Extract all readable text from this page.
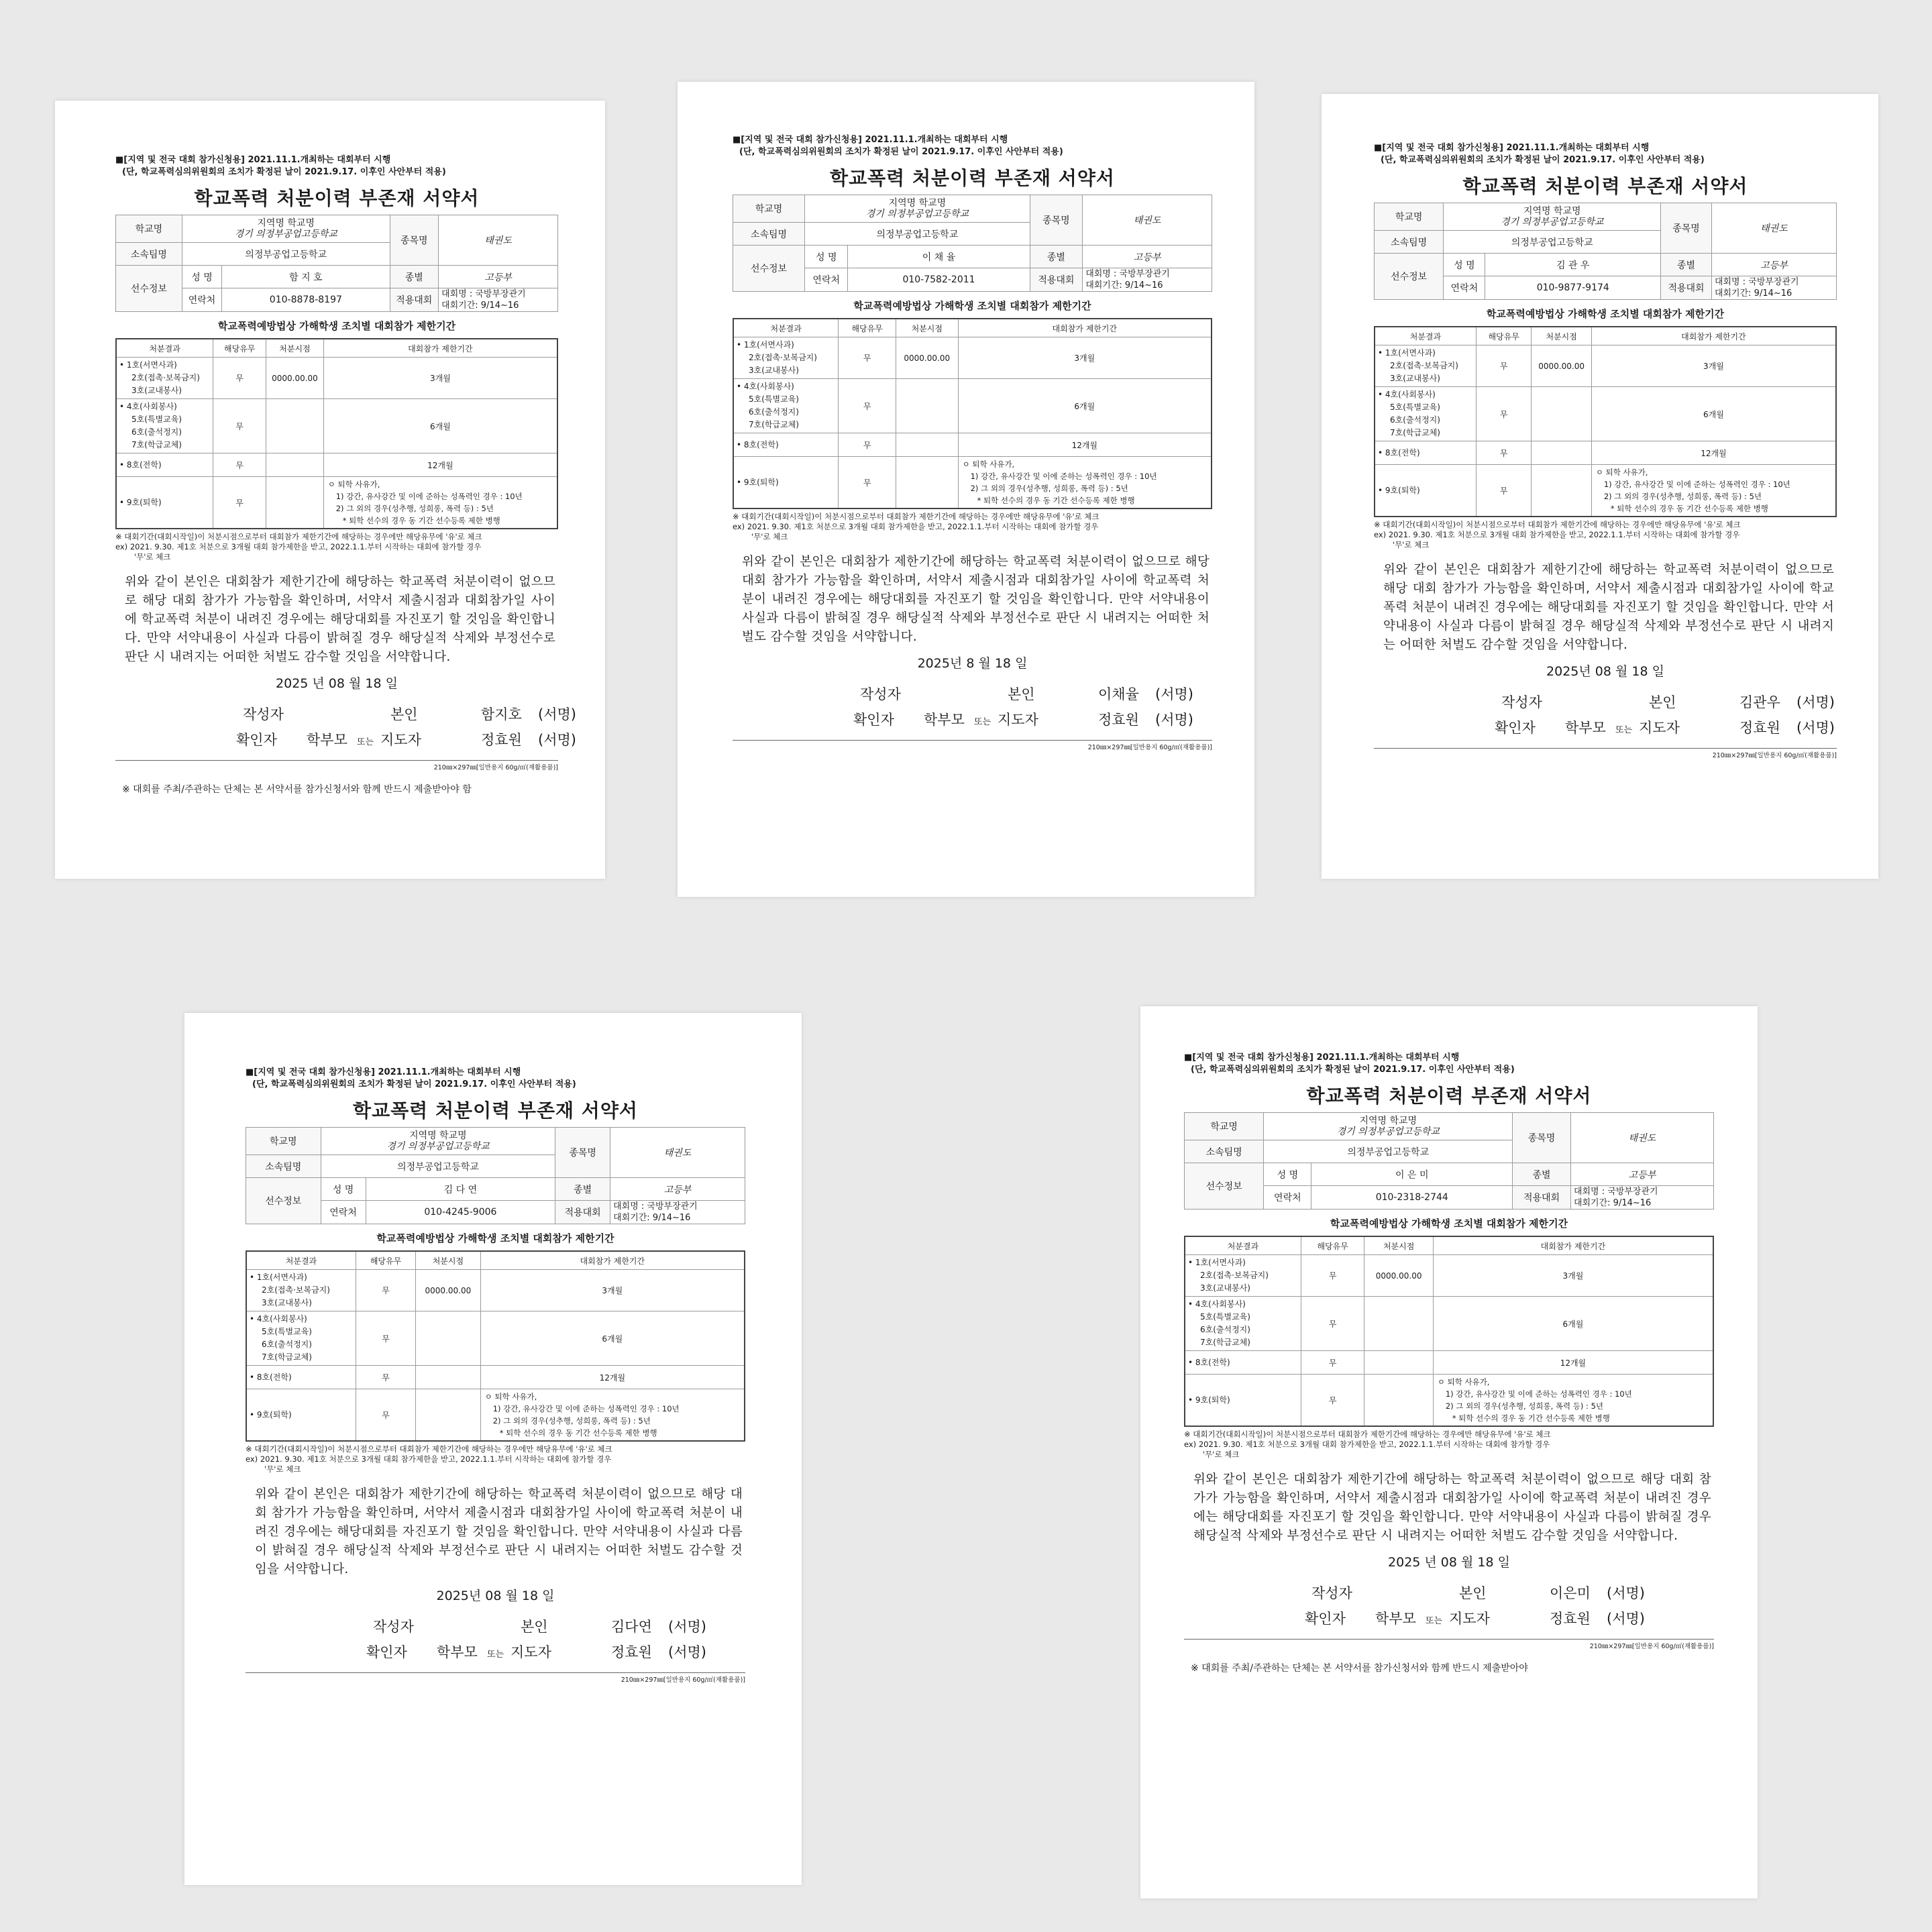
■[지역 및 전국 대회 참가신청용] 2021.11.1.개최하는 대회부터 시행
(단, 학교폭력심의위원회의 조치가 확정된 날이 2021.9.17. 이후인 사안부터 적용)
학교폭력 처분이력 부존재 서약서
학교명	지역명 학교명
경기 의정부공업고등학교		종목명	태권도
소속팀명	의정부공업고등학교			
선수정보	성 명	함 지 호	종별	고등부
	연락처	010-8878-8197	적용대회	대회명 : 국방부장관기
대회기간: 9/14~16
학교폭력예방법상 가해학생 조치별 대회참가 제한기간
처분결과	해당유무	처분시점	대회참가 제한기간
• 1호(서면사과)
2호(접촉·보복금지)
3호(교내봉사)	무	0000.00.00	3개월
• 4호(사회봉사)
5호(특별교육)
6호(출석정지)
7호(학급교체)	무		6개월
• 8호(전학)	무		12개월
• 9호(퇴학)	무		ㅇ 퇴학 사유가,
1) 강간, 유사강간 및 이에 준하는 성폭력인 경우 : 10년
2) 그 외의 경우(성추행, 성희롱, 폭력 등) : 5년
* 퇴학 선수의 경우 동 기간 선수등록 제한 병행
※ 대회기간(대회시작일)이 처분시점으로부터 대회참가 제한기간에 해당하는 경우에만 해당유무에 '유'로 체크
ex) 2021. 9.30. 제1호 처분으로 3개월 대회 참가제한을 받고, 2022.1.1.부터 시작하는 대회에 참가할 경우
'무'로 체크
위와 같이 본인은 대회참가 제한기간에 해당하는 학교폭력 처분이력이 없으므로 해당 대회 참가가 가능함을 확인하며, 서약서 제출시점과 대회참가일 사이에 학교폭력 처분이 내려진 경우에는 해당대회를 자진포기 할 것임을 확인합니다. 만약 서약내용이 사실과 다름이 밝혀질 경우 해당실적 삭제와 부정선수로 판단 시 내려지는 어떠한 처벌도 감수할 것임을 서약합니다.
2025 년 08 월 18 일
작성자	본인	함지호 (서명)
확인자 학부모 또는 지도자	정효원 (서명)
210㎜×297㎜[일반용지 60g/㎡(재활용품)]
※ 대회를 주최/주관하는 단체는 본 서약서를 참가신청서와 함께 반드시 제출받아야 함
■[지역 및 전국 대회 참가신청용] 2021.11.1.개최하는 대회부터 시행
(단, 학교폭력심의위원회의 조치가 확정된 날이 2021.9.17. 이후인 사안부터 적용)
학교폭력 처분이력 부존재 서약서
학교명	지역명 학교명
경기 의정부공업고등학교		종목명	태권도
소속팀명	의정부공업고등학교			
선수정보	성 명	이 채 율	종별	고등부
	연락처	010-7582-2011	적용대회	대회명 : 국방부장관기
대회기간: 9/14~16
학교폭력예방법상 가해학생 조치별 대회참가 제한기간
처분결과	해당유무	처분시점	대회참가 제한기간
• 1호(서면사과)
2호(접촉·보복금지)
3호(교내봉사)	무	0000.00.00	3개월
• 4호(사회봉사)
5호(특별교육)
6호(출석정지)
7호(학급교체)	무		6개월
• 8호(전학)	무		12개월
• 9호(퇴학)	무		ㅇ 퇴학 사유가,
1) 강간, 유사강간 및 이에 준하는 성폭력인 경우 : 10년
2) 그 외의 경우(성추행, 성희롱, 폭력 등) : 5년
* 퇴학 선수의 경우 동 기간 선수등록 제한 병행
※ 대회기간(대회시작일)이 처분시점으로부터 대회참가 제한기간에 해당하는 경우에만 해당유무에 '유'로 체크
ex) 2021. 9.30. 제1호 처분으로 3개월 대회 참가제한을 받고, 2022.1.1.부터 시작하는 대회에 참가할 경우
'무'로 체크
위와 같이 본인은 대회참가 제한기간에 해당하는 학교폭력 처분이력이 없으므로 해당 대회 참가가 가능함을 확인하며, 서약서 제출시점과 대회참가일 사이에 학교폭력 처분이 내려진 경우에는 해당대회를 자진포기 할 것임을 확인합니다. 만약 서약내용이 사실과 다름이 밝혀질 경우 해당실적 삭제와 부정선수로 판단 시 내려지는 어떠한 처벌도 감수할 것임을 서약합니다.
2025년 8 월 18 일
작성자	본인	이채율 (서명)
확인자 학부모 또는 지도자	정효원 (서명)
210㎜×297㎜[일반용지 60g/㎡(재활용품)]
■[지역 및 전국 대회 참가신청용] 2021.11.1.개최하는 대회부터 시행
(단, 학교폭력심의위원회의 조치가 확정된 날이 2021.9.17. 이후인 사안부터 적용)
학교폭력 처분이력 부존재 서약서
학교명	지역명 학교명
경기 의정부공업고등학교		종목명	태권도
소속팀명	의정부공업고등학교			
선수정보	성 명	김 관 우	종별	고등부
	연락처	010-9877-9174	적용대회	대회명 : 국방부장관기
대회기간: 9/14~16
학교폭력예방법상 가해학생 조치별 대회참가 제한기간
처분결과	해당유무	처분시점	대회참가 제한기간
• 1호(서면사과)
2호(접촉·보복금지)
3호(교내봉사)	무	0000.00.00	3개월
• 4호(사회봉사)
5호(특별교육)
6호(출석정지)
7호(학급교체)	무		6개월
• 8호(전학)	무		12개월
• 9호(퇴학)	무		ㅇ 퇴학 사유가,
1) 강간, 유사강간 및 이에 준하는 성폭력인 경우 : 10년
2) 그 외의 경우(성추행, 성희롱, 폭력 등) : 5년
* 퇴학 선수의 경우 동 기간 선수등록 제한 병행
※ 대회기간(대회시작일)이 처분시점으로부터 대회참가 제한기간에 해당하는 경우에만 해당유무에 '유'로 체크
ex) 2021. 9.30. 제1호 처분으로 3개월 대회 참가제한을 받고, 2022.1.1.부터 시작하는 대회에 참가할 경우
'무'로 체크
위와 같이 본인은 대회참가 제한기간에 해당하는 학교폭력 처분이력이 없으므로 해당 대회 참가가 가능함을 확인하며, 서약서 제출시점과 대회참가일 사이에 학교폭력 처분이 내려진 경우에는 해당대회를 자진포기 할 것임을 확인합니다. 만약 서약내용이 사실과 다름이 밝혀질 경우 해당실적 삭제와 부정선수로 판단 시 내려지는 어떠한 처벌도 감수할 것임을 서약합니다.
2025년 08 월 18 일
작성자	본인	김관우 (서명)
확인자 학부모 또는 지도자	정효원 (서명)
210㎜×297㎜[일반용지 60g/㎡(재활용품)]
■[지역 및 전국 대회 참가신청용] 2021.11.1.개최하는 대회부터 시행
(단, 학교폭력심의위원회의 조치가 확정된 날이 2021.9.17. 이후인 사안부터 적용)
학교폭력 처분이력 부존재 서약서
학교명	지역명 학교명
경기 의정부공업고등학교		종목명	태권도
소속팀명	의정부공업고등학교			
선수정보	성 명	김 다 연	종별	고등부
	연락처	010-4245-9006	적용대회	대회명 : 국방부장관기
대회기간: 9/14~16
학교폭력예방법상 가해학생 조치별 대회참가 제한기간
처분결과	해당유무	처분시점	대회참가 제한기간
• 1호(서면사과)
2호(접촉·보복금지)
3호(교내봉사)	무	0000.00.00	3개월
• 4호(사회봉사)
5호(특별교육)
6호(출석정지)
7호(학급교체)	무		6개월
• 8호(전학)	무		12개월
• 9호(퇴학)	무		ㅇ 퇴학 사유가,
1) 강간, 유사강간 및 이에 준하는 성폭력인 경우 : 10년
2) 그 외의 경우(성추행, 성희롱, 폭력 등) : 5년
* 퇴학 선수의 경우 동 기간 선수등록 제한 병행
※ 대회기간(대회시작일)이 처분시점으로부터 대회참가 제한기간에 해당하는 경우에만 해당유무에 '유'로 체크
ex) 2021. 9.30. 제1호 처분으로 3개월 대회 참가제한을 받고, 2022.1.1.부터 시작하는 대회에 참가할 경우
'무'로 체크
위와 같이 본인은 대회참가 제한기간에 해당하는 학교폭력 처분이력이 없으므로 해당 대회 참가가 가능함을 확인하며, 서약서 제출시점과 대회참가일 사이에 학교폭력 처분이 내려진 경우에는 해당대회를 자진포기 할 것임을 확인합니다. 만약 서약내용이 사실과 다름이 밝혀질 경우 해당실적 삭제와 부정선수로 판단 시 내려지는 어떠한 처벌도 감수할 것임을 서약합니다.
2025년 08 월 18 일
작성자	본인	김다연 (서명)
확인자 학부모 또는 지도자	정효원 (서명)
210㎜×297㎜[일반용지 60g/㎡(재활용품)]
■[지역 및 전국 대회 참가신청용] 2021.11.1.개최하는 대회부터 시행
(단, 학교폭력심의위원회의 조치가 확정된 날이 2021.9.17. 이후인 사안부터 적용)
학교폭력 처분이력 부존재 서약서
학교명	지역명 학교명
경기 의정부공업고등학교		종목명	태권도
소속팀명	의정부공업고등학교			
선수정보	성 명	이 은 미	종별	고등부
	연락처	010-2318-2744	적용대회	대회명 : 국방부장관기
대회기간: 9/14~16
학교폭력예방법상 가해학생 조치별 대회참가 제한기간
처분결과	해당유무	처분시점	대회참가 제한기간
• 1호(서면사과)
2호(접촉·보복금지)
3호(교내봉사)	무	0000.00.00	3개월
• 4호(사회봉사)
5호(특별교육)
6호(출석정지)
7호(학급교체)	무		6개월
• 8호(전학)	무		12개월
• 9호(퇴학)	무		ㅇ 퇴학 사유가,
1) 강간, 유사강간 및 이에 준하는 성폭력인 경우 : 10년
2) 그 외의 경우(성추행, 성희롱, 폭력 등) : 5년
* 퇴학 선수의 경우 동 기간 선수등록 제한 병행
※ 대회기간(대회시작일)이 처분시점으로부터 대회참가 제한기간에 해당하는 경우에만 해당유무에 '유'로 체크
ex) 2021. 9.30. 제1호 처분으로 3개월 대회 참가제한을 받고, 2022.1.1.부터 시작하는 대회에 참가할 경우
'무'로 체크
위와 같이 본인은 대회참가 제한기간에 해당하는 학교폭력 처분이력이 없으므로 해당 대회 참가가 가능함을 확인하며, 서약서 제출시점과 대회참가일 사이에 학교폭력 처분이 내려진 경우에는 해당대회를 자진포기 할 것임을 확인합니다. 만약 서약내용이 사실과 다름이 밝혀질 경우 해당실적 삭제와 부정선수로 판단 시 내려지는 어떠한 처벌도 감수할 것임을 서약합니다.
2025 년 08 월 18 일
작성자	본인	이은미 (서명)
확인자 학부모 또는 지도자	정효원 (서명)
210㎜×297㎜[일반용지 60g/㎡(재활용품)]
※ 대회를 주최/주관하는 단체는 본 서약서를 참가신청서와 함께 반드시 제출받아야
